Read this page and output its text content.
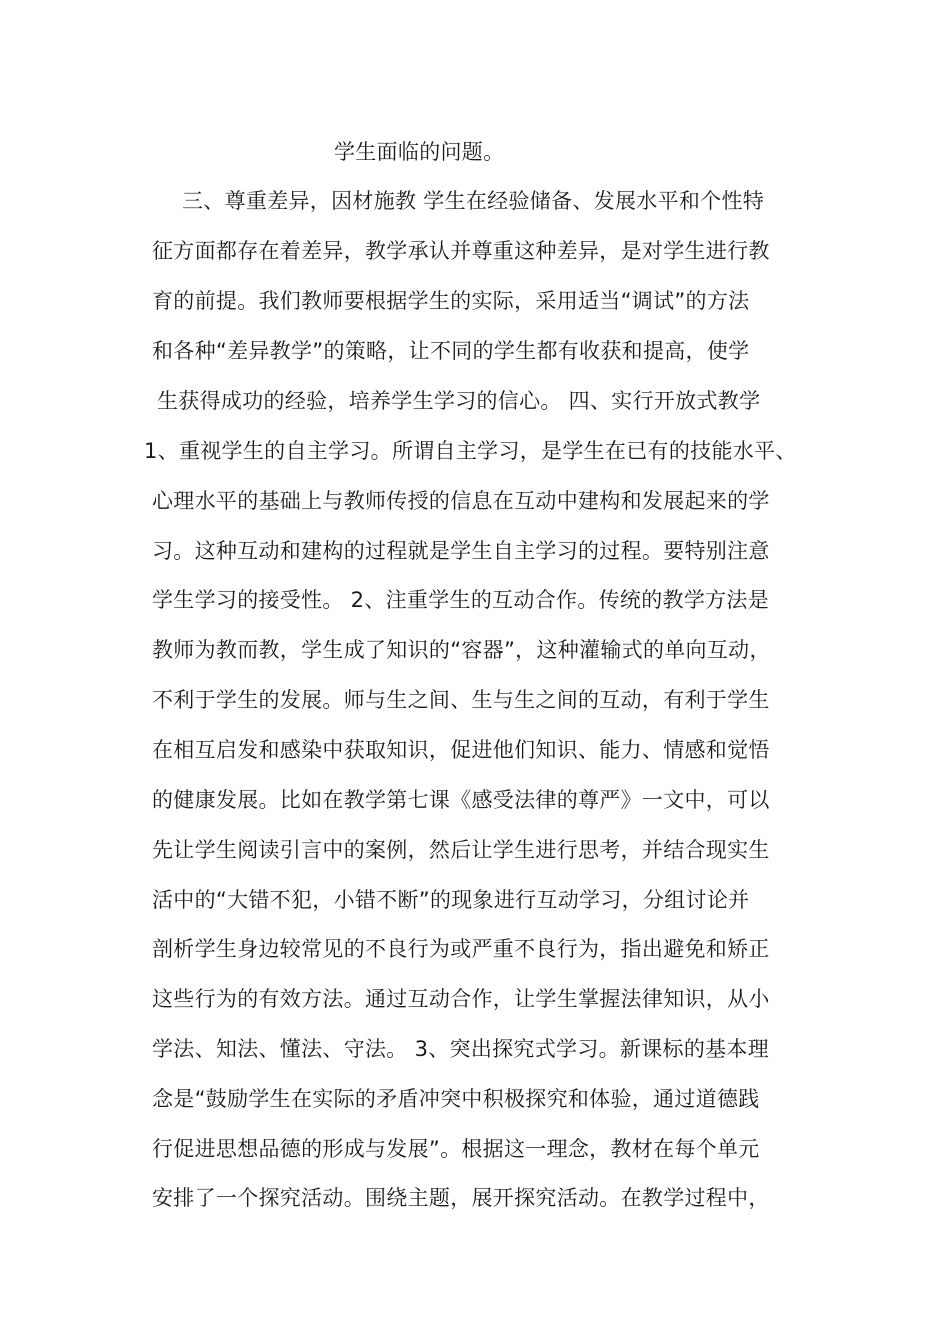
学生面临的问题。
三、尊重差异，因材施教 学生在经验储备、发展水平和个性特
征方面都存在着差异，教学承认并尊重这种差异，是对学生进行教
育的前提。我们教师要根据学生的实际，采用适当“调试”的方法
和各种“差异教学”的策略，让不同的学生都有收获和提高，使学
生获得成功的经验，培养学生学习的信心。 四、实行开放式教学
1、重视学生的自主学习。所谓自主学习，是学生在已有的技能水平、
心理水平的基础上与教师传授的信息在互动中建构和发展起来的学
习。这种互动和建构的过程就是学生自主学习的过程。要特别注意
学生学习的接受性。 2、注重学生的互动合作。传统的教学方法是
教师为教而教，学生成了知识的“容器”，这种灌输式的单向互动，
不利于学生的发展。师与生之间、生与生之间的互动，有利于学生
在相互启发和感染中获取知识，促进他们知识、能力、情感和觉悟
的健康发展。比如在教学第七课《感受法律的尊严》一文中，可以
先让学生阅读引言中的案例，然后让学生进行思考，并结合现实生
活中的“大错不犯，小错不断”的现象进行互动学习，分组讨论并
剖析学生身边较常见的不良行为或严重不良行为，指出避免和矫正
这些行为的有效方法。通过互动合作，让学生掌握法律知识，从小
学法、知法、懂法、守法。 3、突出探究式学习。新课标的基本理
念是“鼓励学生在实际的矛盾冲突中积极探究和体验，通过道德践
行促进思想品德的形成与发展”。根据这一理念，教材在每个单元
安排了一个探究活动。围绕主题，展开探究活动。在教学过程中，
